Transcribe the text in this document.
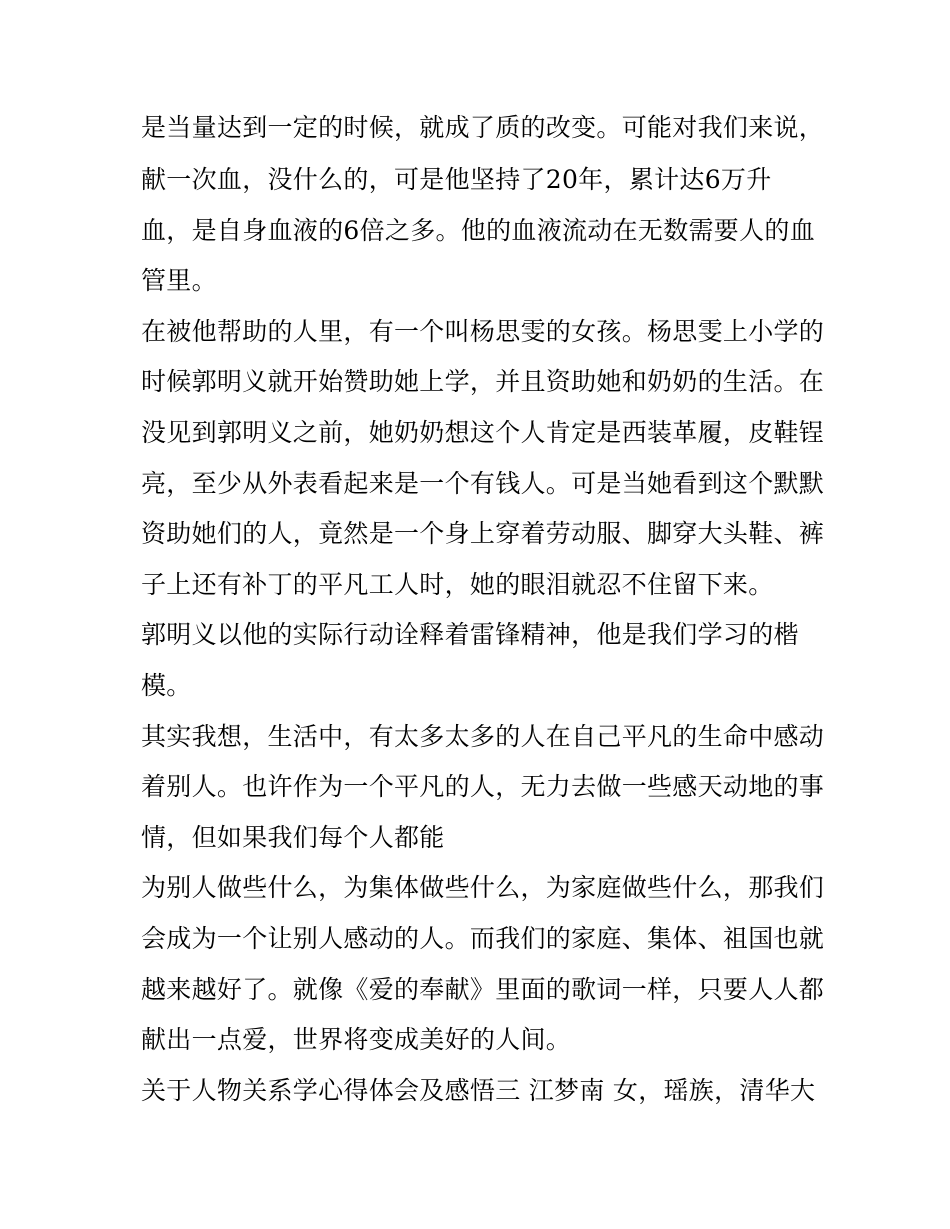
是当量达到一定的时候，就成了质的改变。可能对我们来说，
献一次血，没什么的，可是他坚持了20年，累计达6万升
血，是自身血液的6倍之多。他的血液流动在无数需要人的血
管里。
在被他帮助的人里，有一个叫杨思雯的女孩。杨思雯上小学的
时候郭明义就开始赞助她上学，并且资助她和奶奶的生活。在
没见到郭明义之前，她奶奶想这个人肯定是西装革履，皮鞋锃
亮，至少从外表看起来是一个有钱人。可是当她看到这个默默
资助她们的人，竟然是一个身上穿着劳动服、脚穿大头鞋、裤
子上还有补丁的平凡工人时，她的眼泪就忍不住留下来。
郭明义以他的实际行动诠释着雷锋精神，他是我们学习的楷
模。
其实我想，生活中，有太多太多的人在自己平凡的生命中感动
着别人。也许作为一个平凡的人，无力去做一些感天动地的事
情，但如果我们每个人都能
为别人做些什么，为集体做些什么，为家庭做些什么，那我们
会成为一个让别人感动的人。而我们的家庭、集体、祖国也就
越来越好了。就像《爱的奉献》里面的歌词一样，只要人人都
献出一点爱，世界将变成美好的人间。
关于人物关系学心得体会及感悟三 江梦南 女，瑶族，清华大
